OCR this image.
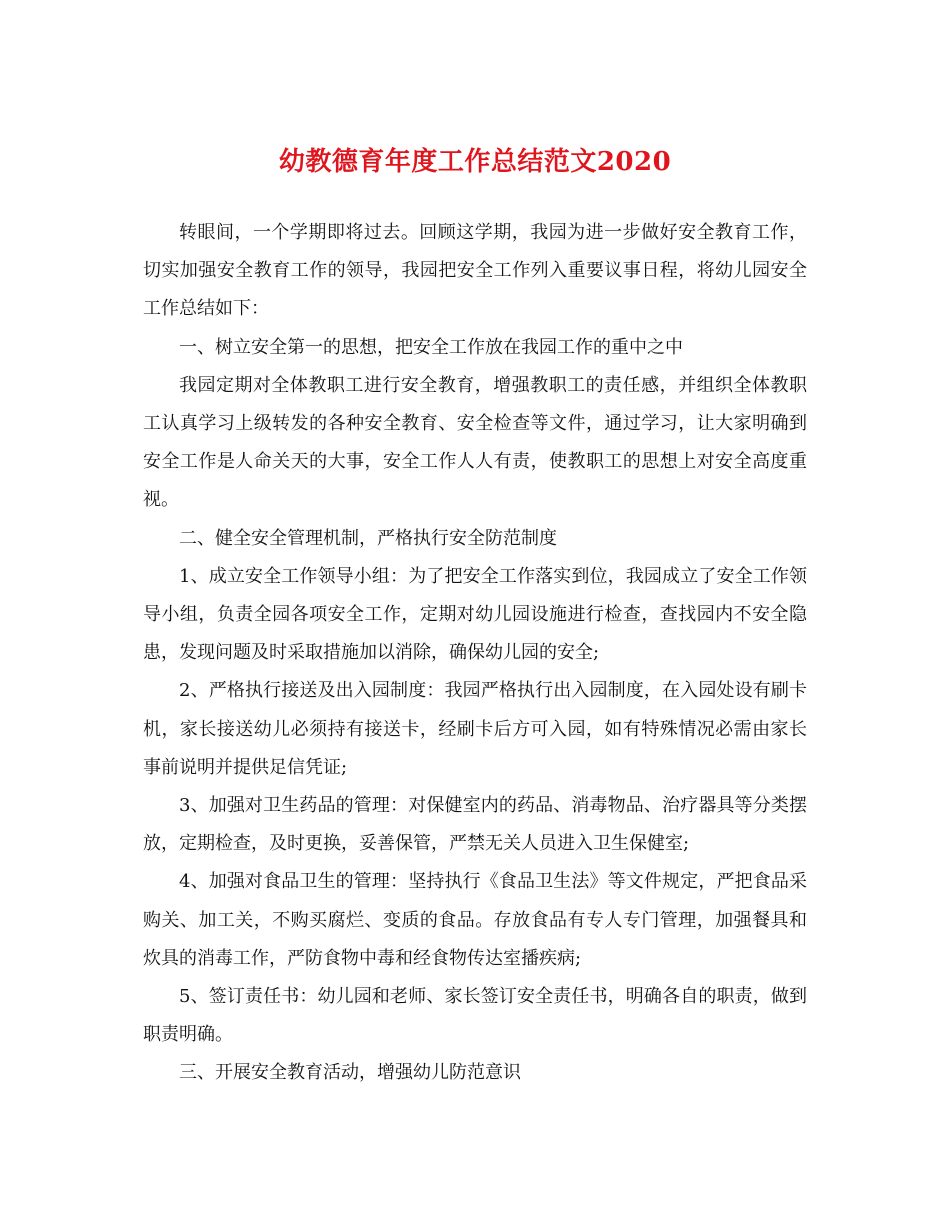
幼教德育年度工作总结范文2020

转眼间，一个学期即将过去。回顾这学期，我园为进一步做好安全教育工作，切实加强安全教育工作的领导，我园把安全工作列入重要议事日程，将幼儿园安全工作总结如下：

一、树立安全第一的思想，把安全工作放在我园工作的重中之中

我园定期对全体教职工进行安全教育，增强教职工的责任感，并组织全体教职工认真学习上级转发的各种安全教育、安全检查等文件，通过学习，让大家明确到安全工作是人命关天的大事，安全工作人人有责，使教职工的思想上对安全高度重视。

二、健全安全管理机制，严格执行安全防范制度

1、成立安全工作领导小组：为了把安全工作落实到位，我园成立了安全工作领导小组，负责全园各项安全工作，定期对幼儿园设施进行检查，查找园内不安全隐患，发现问题及时采取措施加以消除，确保幼儿园的安全;

2、严格执行接送及出入园制度：我园严格执行出入园制度，在入园处设有刷卡机，家长接送幼儿必须持有接送卡，经刷卡后方可入园，如有特殊情况必需由家长事前说明并提供足信凭证;

3、加强对卫生药品的管理：对保健室内的药品、消毒物品、治疗器具等分类摆放，定期检查，及时更换，妥善保管，严禁无关人员进入卫生保健室;

4、加强对食品卫生的管理：坚持执行《食品卫生法》等文件规定，严把食品采购关、加工关，不购买腐烂、变质的食品。存放食品有专人专门管理，加强餐具和炊具的消毒工作，严防食物中毒和经食物传达室播疾病;

5、签订责任书：幼儿园和老师、家长签订安全责任书，明确各自的职责，做到职责明确。

三、开展安全教育活动，增强幼儿防范意识
